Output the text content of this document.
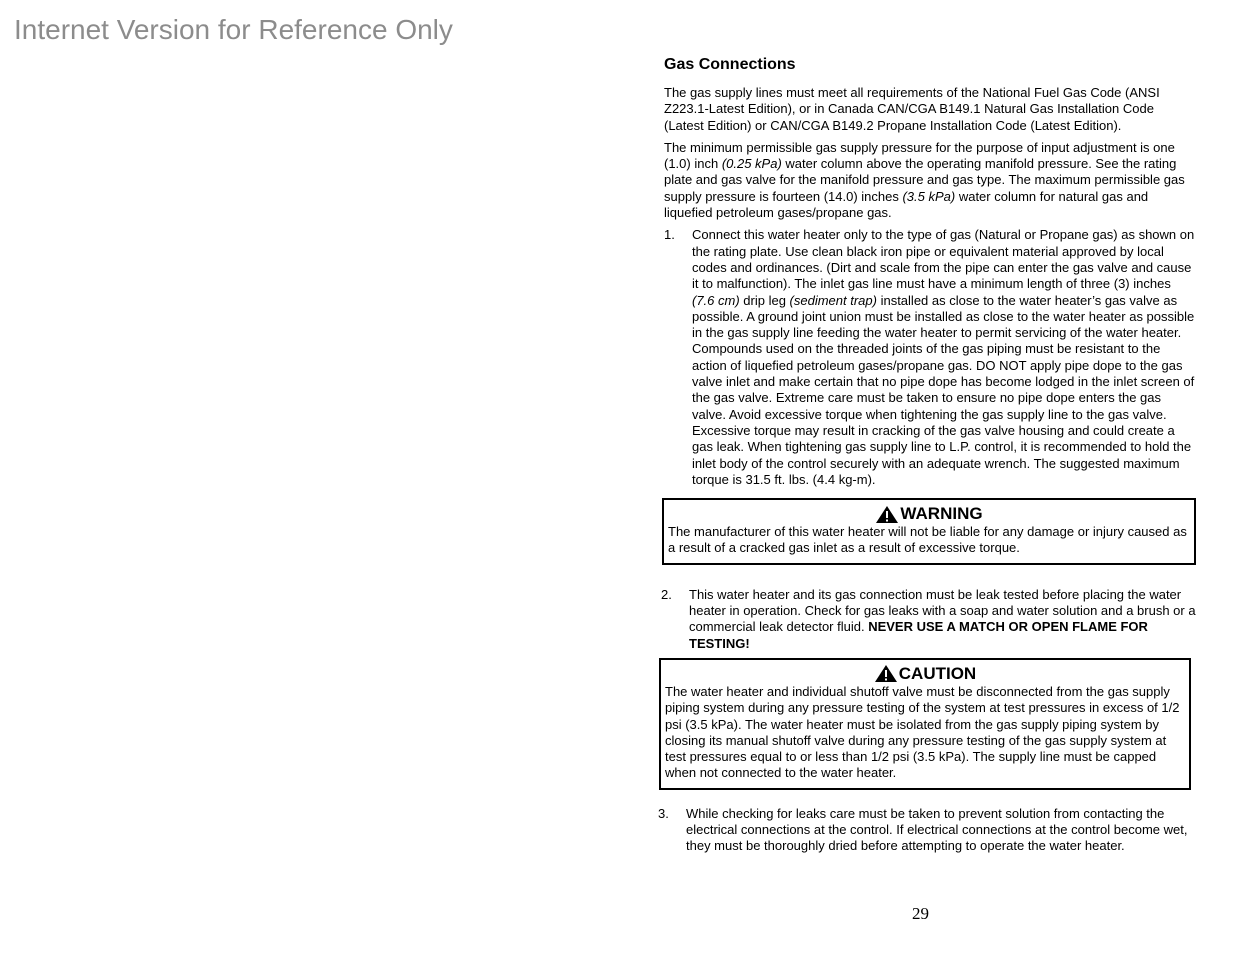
Internet Version for Reference Only
Gas Connections

The gas supply lines must meet all requirements of the National Fuel Gas Code (ANSI Z223.1-Latest Edition), or in Canada CAN/CGA B149.1 Natural Gas Installation Code (Latest Edition) or CAN/CGA B149.2 Propane Installation Code (Latest Edition).

The minimum permissible gas supply pressure for the purpose of input adjustment is one (1.0) inch (0.25 kPa) water column above the operating manifold pressure. See the rating plate and gas valve for the manifold pressure and gas type. The maximum permissible gas supply pressure is fourteen (14.0) inches (3.5 kPa) water column for natural gas and liquefied petroleum gases/propane gas.

1.	Connect this water heater only to the type of gas (Natural or Propane gas) as shown on the rating plate. Use clean black iron pipe or equivalent material approved by local codes and ordinances. (Dirt and scale from the pipe can enter the gas valve and cause it to malfunction). The inlet gas line must have a minimum length of three (3) inches (7.6 cm) drip leg (sediment trap) installed as close to the water heater’s gas valve as possible. A ground joint union must be installed as close to the water heater as possible in the gas supply line feeding the water heater to permit servicing of the water heater. Compounds used on the threaded joints of the gas piping must be resistant to the action of liquefied petroleum gases/propane gas. DO NOT apply pipe dope to the gas valve inlet and make certain that no pipe dope has become lodged in the inlet screen of the gas valve. Extreme care must be taken to ensure no pipe dope enters the gas valve. Avoid excessive torque when tightening the gas supply line to the gas valve. Excessive torque may result in cracking of the gas valve housing and could create a gas leak. When tightening gas supply line to L.P. control, it is recommended to hold the inlet body of the control securely with an adequate wrench. The suggested maximum torque is 31.5 ft. lbs. (4.4 kg-m).
WARNING
The manufacturer of this water heater will not be liable for any damage or injury caused as a result of a cracked gas inlet as a result of excessive torque.
2.	This water heater and its gas connection must be leak tested before placing the water heater in operation. Check for gas leaks with a soap and water solution and a brush or a commercial leak detector fluid. NEVER USE A MATCH OR OPEN FLAME FOR TESTING!
CAUTION
The water heater and individual shutoff valve must be disconnected from the gas supply piping system during any pressure testing of the system at test pressures in excess of 1/2 psi (3.5 kPa). The water heater must be isolated from the gas supply piping system by closing its manual shutoff valve during any pressure testing of the gas supply system at test pressures equal to or less than 1/2 psi (3.5 kPa). The supply line must be capped when not connected to the water heater.
3.	While checking for leaks care must be taken to prevent solution from contacting the electrical connections at the control. If electrical connections at the control become wet, they must be thoroughly dried before attempting to operate the water heater.
29
